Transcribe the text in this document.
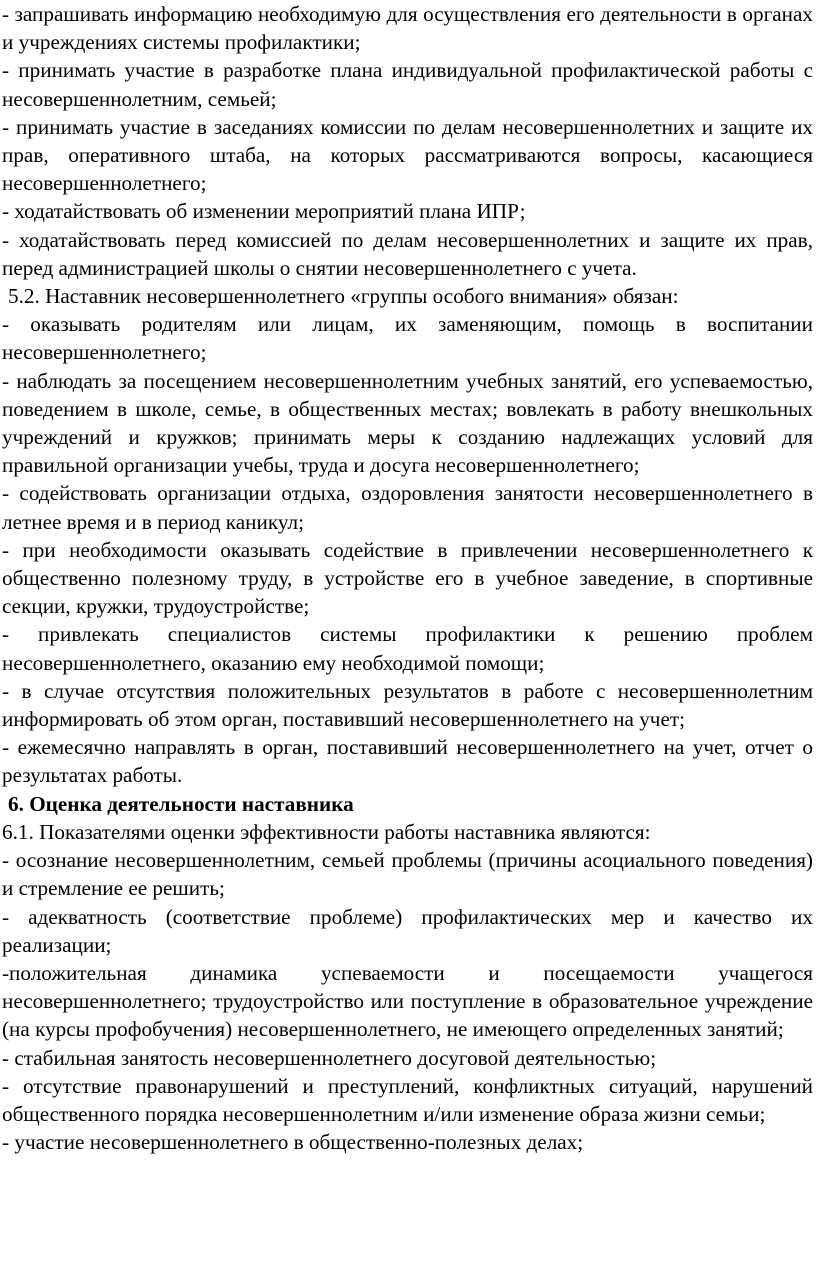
- запрашивать информацию необходимую для осуществления его деятельности в органах и учреждениях системы профилактики;

- принимать участие в разработке плана индивидуальной профилактической работы с несовершеннолетним, семьей;

- принимать участие в заседаниях комиссии по делам несовершеннолетних и защите их прав, оперативного штаба, на которых рассматриваются вопросы, касающиеся несовершеннолетнего;

- ходатайствовать об изменении мероприятий плана ИПР;

- ходатайствовать перед комиссией по делам несовершеннолетних и защите их прав, перед администрацией школы о снятии несовершеннолетнего с учета.

5.2. Наставник несовершеннолетнего «группы особого внимания» обязан:

- оказывать родителям или лицам, их заменяющим, помощь в воспитании несовершеннолетнего;

- наблюдать за посещением несовершеннолетним учебных занятий, его успеваемостью, поведением в школе, семье, в общественных местах; вовлекать в работу внешкольных учреждений и кружков; принимать меры к созданию надлежащих условий для правильной организации учебы, труда и досуга несовершеннолетнего;

- содействовать организации отдыха, оздоровления занятости несовершеннолетнего в летнее время и в период каникул;

- при необходимости оказывать содействие в привлечении несовершеннолетнего к общественно полезному труду, в устройстве его в учебное заведение, в спортивные секции, кружки, трудоустройстве;

- привлекать специалистов системы профилактики к решению проблем несовершеннолетнего, оказанию ему необходимой помощи;

- в случае отсутствия положительных результатов в работе с несовершеннолетним информировать об этом орган, поставивший несовершеннолетнего на учет;

- ежемесячно направлять в орган, поставивший несовершеннолетнего на учет, отчет о результатах работы.

6. Оценка деятельности наставника

6.1. Показателями оценки эффективности работы наставника являются:

- осознание несовершеннолетним, семьей проблемы (причины асоциального поведения) и стремление ее решить;

- адекватность (соответствие проблеме) профилактических мер и качество их реализации;

-положительная динамика успеваемости и посещаемости учащегося несовершеннолетнего; трудоустройство или поступление в образовательное учреждение (на курсы профобучения) несовершеннолетнего, не имеющего определенных занятий;

- стабильная занятость несовершеннолетнего досуговой деятельностью;

- отсутствие правонарушений и преступлений, конфликтных ситуаций, нарушений общественного порядка несовершеннолетним и/или изменение образа жизни семьи;

- участие несовершеннолетнего в общественно-полезных делах;
